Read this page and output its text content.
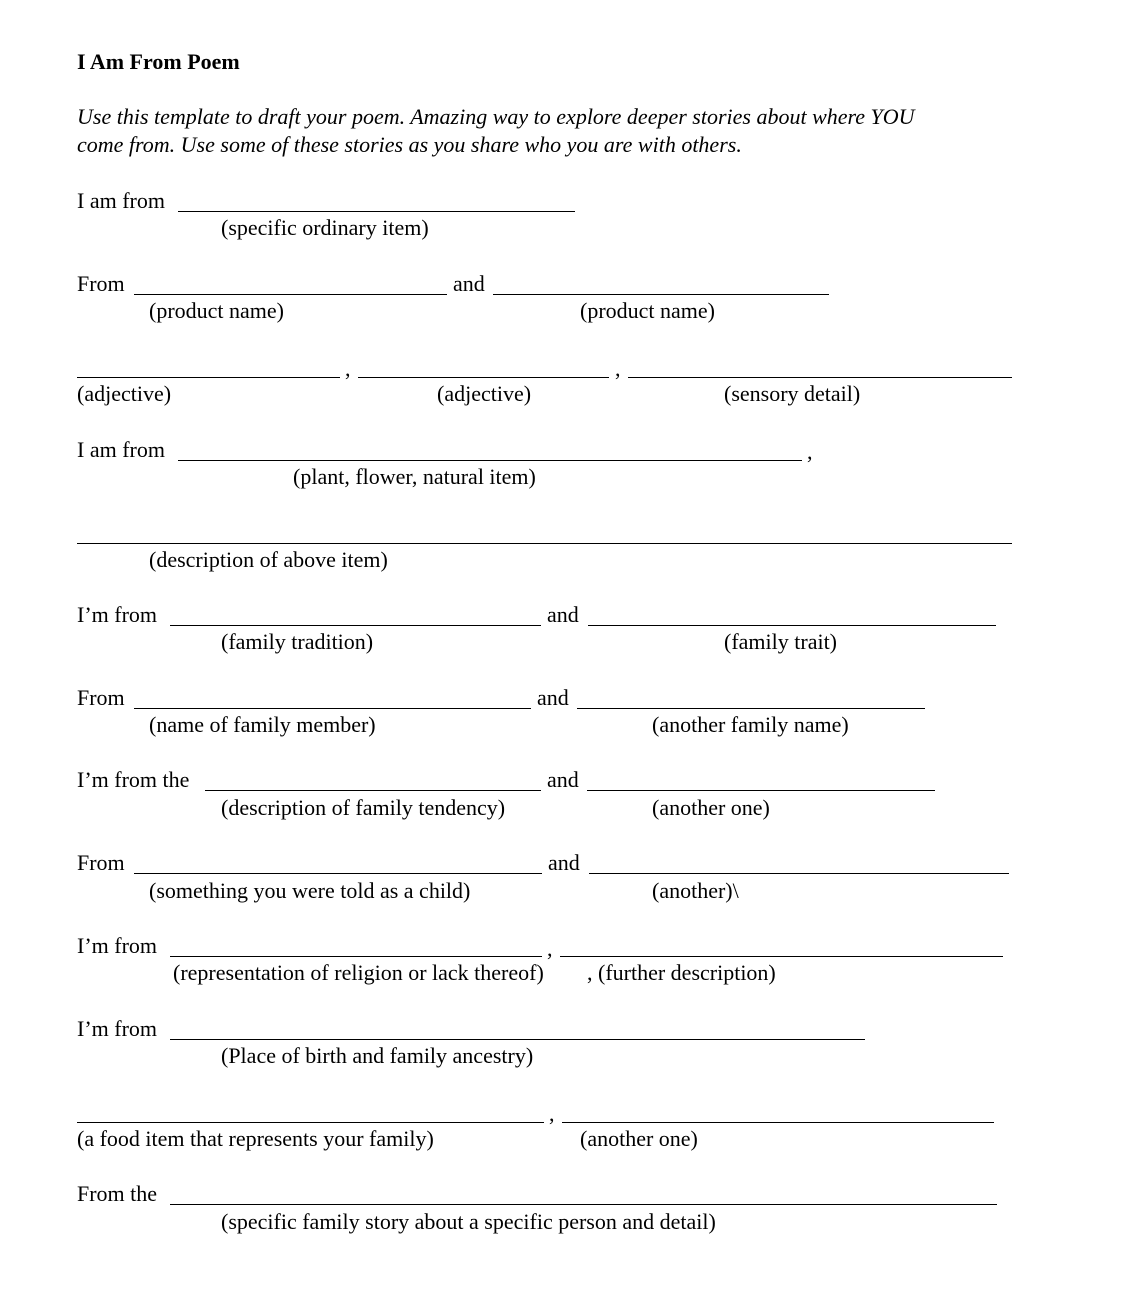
I Am From Poem
Use this template to draft your poem. Amazing way to explore deeper stories about where YOU
come from. Use some of these stories as you share who you are with others.
I am from
(specific ordinary item)
From	and
(product name)	(product name)
,	,
(adjective)	(adjective)	(sensory detail)
I am from	,
(plant, flower, natural item)
(description of above item)
I’m from	and
(family tradition)	(family trait)
From	and
(name of family member)	(another family name)
I’m from the	and
(description of family tendency)	(another one)
From	and
(something you were told as a child)	(another)\
I’m from	,
(representation of religion or lack thereof) , (further description)
I’m from
(Place of birth and family ancestry)
,
(a food item that represents your family)	(another one)
From the
(specific family story about a specific person and detail)
